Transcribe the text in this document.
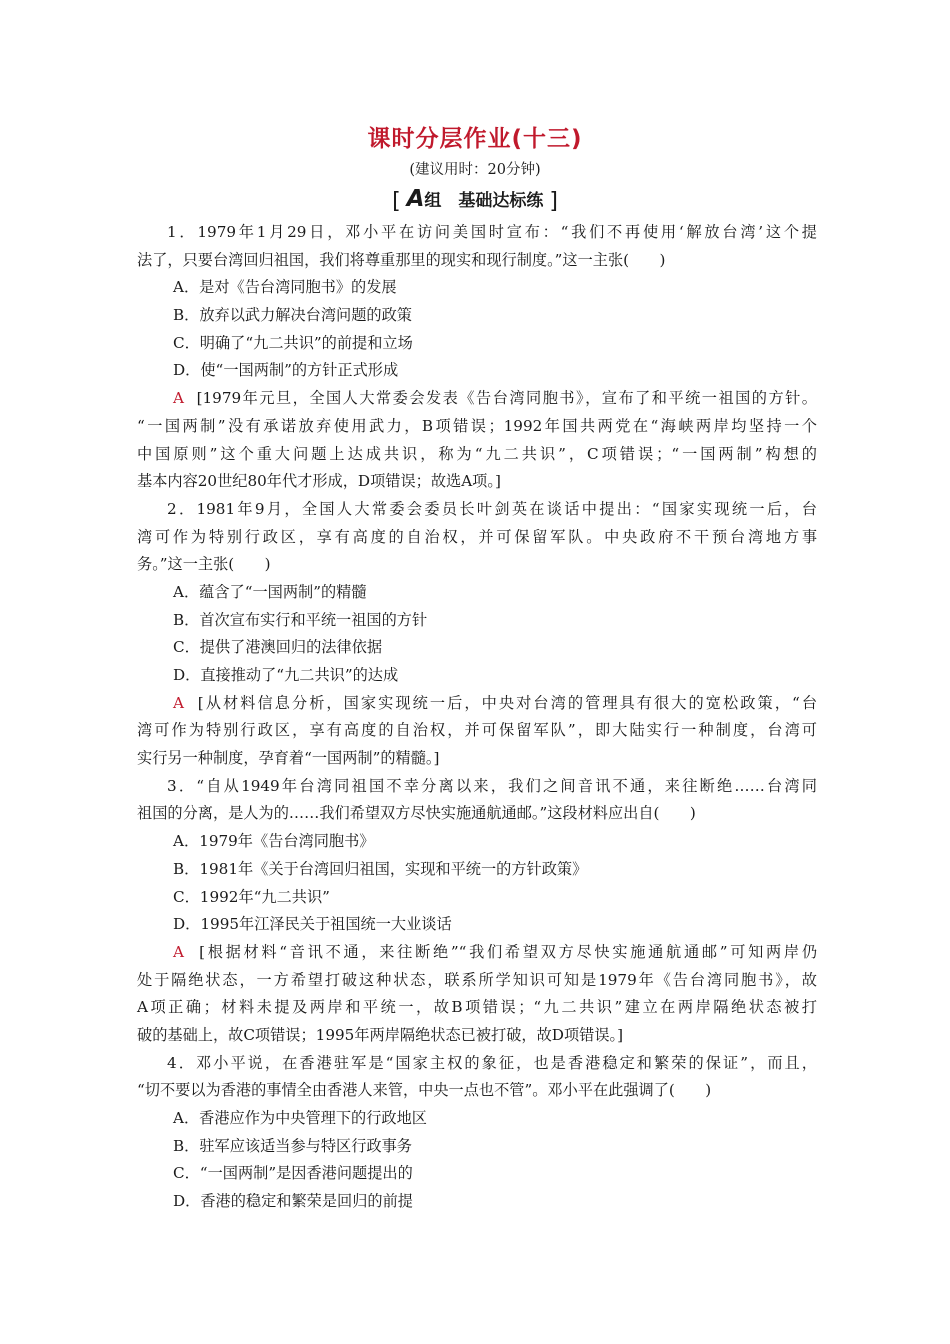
课时分层作业(十三)
(建议用时：20分钟)
[ A组　基础达标练 ]
1．1979年1月29日，邓小平在访问美国时宣布：“我们不再使用‘解放台湾’这个提
法了，只要台湾回归祖国，我们将尊重那里的现实和现行制度。”这一主张(　　)
A．是对《告台湾同胞书》的发展
B．放弃以武力解决台湾问题的政策
C．明确了“九二共识”的前提和立场
D．使“一国两制”的方针正式形成
A [1979年元旦，全国人大常委会发表《告台湾同胞书》，宣布了和平统一祖国的方针。
“一国两制”没有承诺放弃使用武力，B项错误；1992年国共两党在“海峡两岸均坚持一个
中国原则”这个重大问题上达成共识，称为“九二共识”，C项错误；“一国两制”构想的
基本内容20世纪80年代才形成，D项错误；故选A项。]
2．1981年9月，全国人大常委会委员长叶剑英在谈话中提出：“国家实现统一后，台
湾可作为特别行政区，享有高度的自治权，并可保留军队。中央政府不干预台湾地方事
务。”这一主张(　　)
A．蕴含了“一国两制”的精髓
B．首次宣布实行和平统一祖国的方针
C．提供了港澳回归的法律依据
D．直接推动了“九二共识”的达成
A [从材料信息分析，国家实现统一后，中央对台湾的管理具有很大的宽松政策，“台
湾可作为特别行政区，享有高度的自治权，并可保留军队”，即大陆实行一种制度，台湾可
实行另一种制度，孕育着“一国两制”的精髓。]
3．“自从1949年台湾同祖国不幸分离以来，我们之间音讯不通，来往断绝……台湾同
祖国的分离，是人为的……我们希望双方尽快实施通航通邮。”这段材料应出自(　　)
A．1979年《告台湾同胞书》
B．1981年《关于台湾回归祖国，实现和平统一的方针政策》
C．1992年“九二共识”
D．1995年江泽民关于祖国统一大业谈话
A [根据材料“音讯不通，来往断绝”“我们希望双方尽快实施通航通邮”可知两岸仍
处于隔绝状态，一方希望打破这种状态，联系所学知识可知是1979年《告台湾同胞书》，故
A项正确；材料未提及两岸和平统一，故B项错误；“九二共识”建立在两岸隔绝状态被打
破的基础上，故C项错误；1995年两岸隔绝状态已被打破，故D项错误。]
4．邓小平说，在香港驻军是“国家主权的象征，也是香港稳定和繁荣的保证”，而且，
“切不要以为香港的事情全由香港人来管，中央一点也不管”。邓小平在此强调了(　　)
A．香港应作为中央管理下的行政地区
B．驻军应该适当参与特区行政事务
C．“一国两制”是因香港问题提出的
D．香港的稳定和繁荣是回归的前提
